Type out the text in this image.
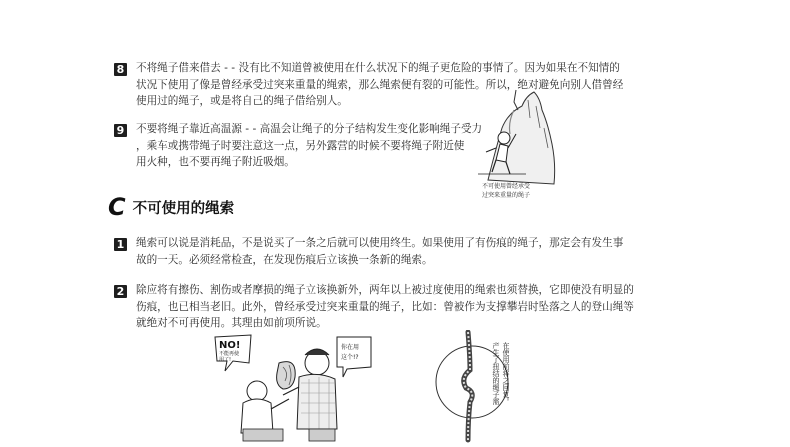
8 不将绳子借来借去 - - 没有比不知道曾被使用在什么状况下的绳子更危险的事情了。因为如果在不知情的
状况下使用了像是曾经承受过突来重量的绳索，那么绳索便有裂的可能性。所以，绝对避免向别人借曾经
使用过的绳子，或是将自己的绳子借给别人。
9 不要将绳子靠近高温源 - - 高温会让绳子的分子结构发生变化影响绳子受力
，乘车或携带绳子时要注意这一点，另外露营的时候不要将绳子附近使
用火种，也不要再绳子附近吸烟。
不可使用曾经承受
过突来重量的绳子
C 不可使用的绳索
1 绳索可以说是消耗品，不是说买了一条之后就可以使用终生。如果使用了有伤痕的绳子，那定会有发生事
故的一天。必须经常检查，在发现伤痕后立该换一条新的绳索。
2 除应将有擦伤、割伤或者摩损的绳子立该换新外，两年以上被过度使用的绳索也须替换，它即使没有明显的
伤痕，也已相当老旧。此外，曾经承受过突来重量的绳子，比如：曾被作为支撑攀岩时坠落之人的登山绳等
就绝对不可再使用。其理由如前项所说。
NO!
不能再使
用了!
你在用
这个!?	产生了扭结的绳子需 在使用前将之回复。
